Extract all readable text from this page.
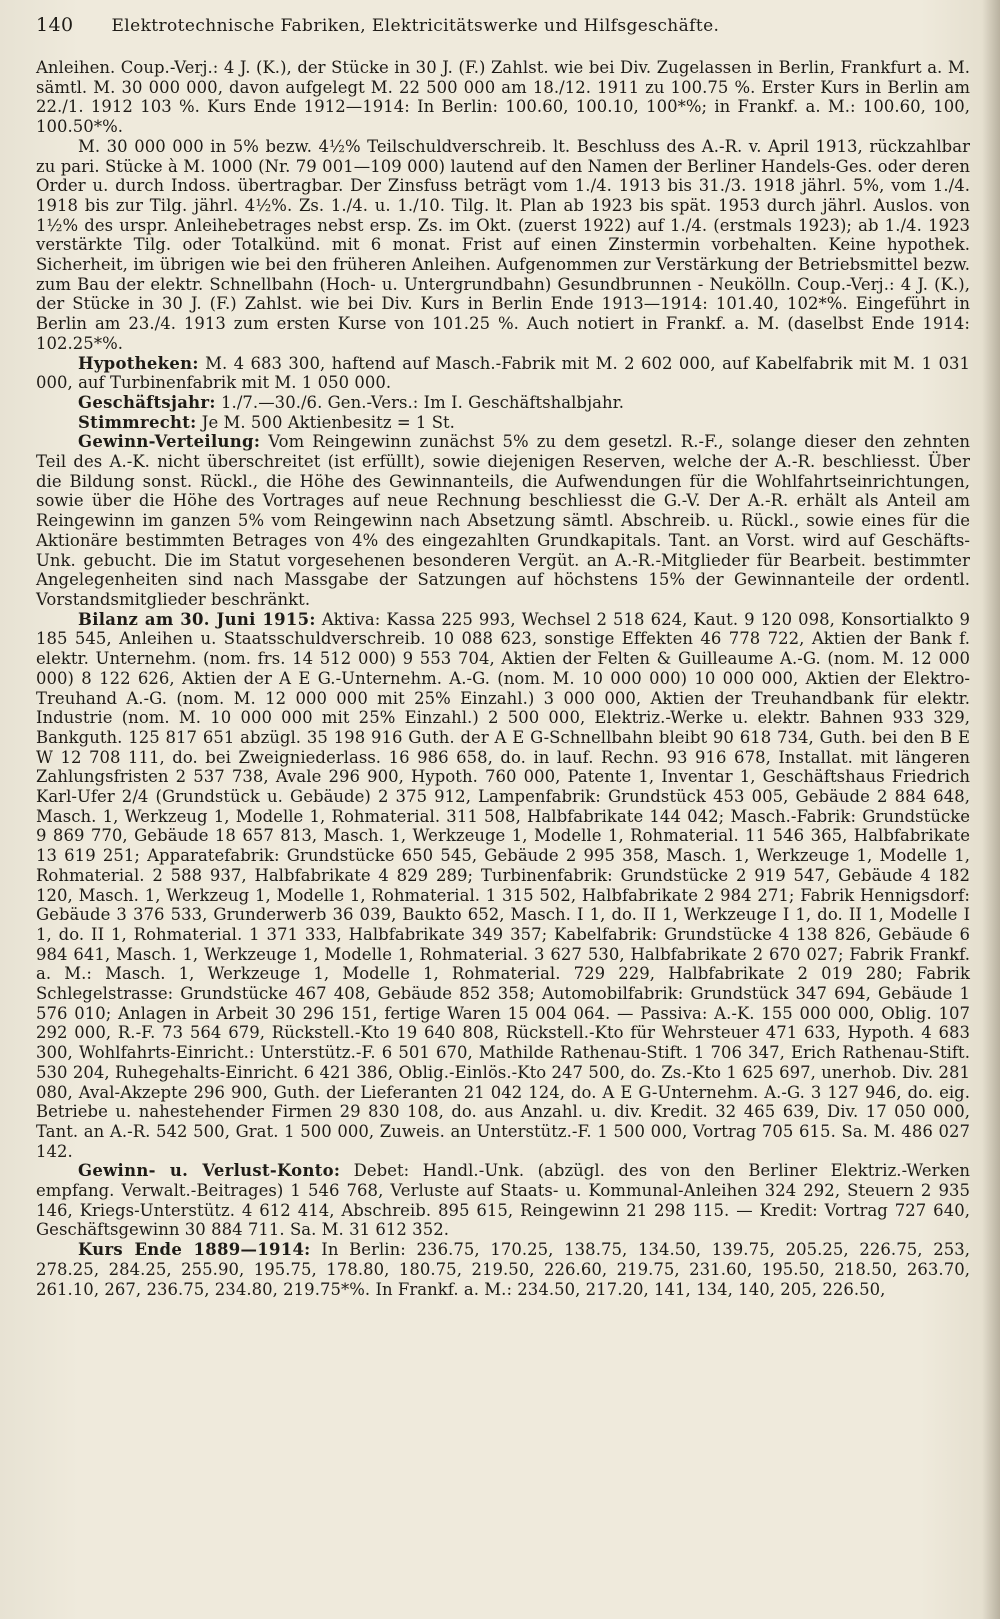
140 Elektrotechnische Fabriken, Elektricitätswerke und Hilfsgeschäfte.

Anleihen. Coup.-Verj.: 4 J. (K.), der Stücke in 30 J. (F.) Zahlst. wie bei Div. Zugelassen in Berlin, Frankfurt a. M. sämtl. M. 30 000 000, davon aufgelegt M. 22 500 000 am 18./12. 1911 zu 100.75 %. Erster Kurs in Berlin am 22./1. 1912 103 %. Kurs Ende 1912—1914: In Berlin: 100.60, 100.10, 100*%; in Frankf. a. M.: 100.60, 100, 100.50*%.

M. 30 000 000 in 5% bezw. 4½% Teilschuldverschreib. lt. Beschluss des A.-R. v. April 1913, rückzahlbar zu pari. Stücke à M. 1000 (Nr. 79 001—109 000) lautend auf den Namen der Berliner Handels-Ges. oder deren Order u. durch Indoss. übertragbar. Der Zinsfuss beträgt vom 1./4. 1913 bis 31./3. 1918 jährl. 5%, vom 1./4. 1918 bis zur Tilg. jährl. 4½%. Zs. 1./4. u. 1./10. Tilg. lt. Plan ab 1923 bis spät. 1953 durch jährl. Auslos. von 1½% des urspr. Anleihebetrages nebst ersp. Zs. im Okt. (zuerst 1922) auf 1./4. (erstmals 1923); ab 1./4. 1923 verstärkte Tilg. oder Totalkünd. mit 6 monat. Frist auf einen Zinstermin vorbehalten. Keine hypothek. Sicherheit, im übrigen wie bei den früheren Anleihen. Aufgenommen zur Verstärkung der Betriebsmittel bezw. zum Bau der elektr. Schnellbahn (Hoch- u. Untergrundbahn) Gesundbrunnen - Neukölln. Coup.-Verj.: 4 J. (K.), der Stücke in 30 J. (F.) Zahlst. wie bei Div. Kurs in Berlin Ende 1913—1914: 101.40, 102*%. Eingeführt in Berlin am 23./4. 1913 zum ersten Kurse von 101.25 %. Auch notiert in Frankf. a. M. (daselbst Ende 1914: 102.25*%.

Hypotheken: M. 4 683 300, haftend auf Masch.-Fabrik mit M. 2 602 000, auf Kabelfabrik mit M. 1 031 000, auf Turbinenfabrik mit M. 1 050 000.

Geschäftsjahr: 1./7.—30./6. Gen.-Vers.: Im I. Geschäftshalbjahr.

Stimmrecht: Je M. 500 Aktienbesitz = 1 St.

Gewinn-Verteilung: Vom Reingewinn zunächst 5% zu dem gesetzl. R.-F., solange dieser den zehnten Teil des A.-K. nicht überschreitet (ist erfüllt), sowie diejenigen Reserven, welche der A.-R. beschliesst. Über die Bildung sonst. Rückl., die Höhe des Gewinnanteils, die Aufwendungen für die Wohlfahrtseinrichtungen, sowie über die Höhe des Vortrages auf neue Rechnung beschliesst die G.-V. Der A.-R. erhält als Anteil am Reingewinn im ganzen 5% vom Reingewinn nach Absetzung sämtl. Abschreib. u. Rückl., sowie eines für die Aktionäre bestimmten Betrages von 4% des eingezahlten Grundkapitals. Tant. an Vorst. wird auf Geschäfts-Unk. gebucht. Die im Statut vorgesehenen besonderen Vergüt. an A.-R.-Mitglieder für Bearbeit. bestimmter Angelegenheiten sind nach Massgabe der Satzungen auf höchstens 15% der Gewinnanteile der ordentl. Vorstandsmitglieder beschränkt.

Bilanz am 30. Juni 1915: Aktiva: Kassa 225 993, Wechsel 2 518 624, Kaut. 9 120 098, Konsortialkto 9 185 545, Anleihen u. Staatsschuldverschreib. 10 088 623, sonstige Effekten 46 778 722, Aktien der Bank f. elektr. Unternehm. (nom. frs. 14 512 000) 9 553 704, Aktien der Felten & Guilleaume A.-G. (nom. M. 12 000 000) 8 122 626, Aktien der A E G.-Unternehm. A.-G. (nom. M. 10 000 000) 10 000 000, Aktien der Elektro-Treuhand A.-G. (nom. M. 12 000 000 mit 25% Einzahl.) 3 000 000, Aktien der Treuhandbank für elektr. Industrie (nom. M. 10 000 000 mit 25% Einzahl.) 2 500 000, Elektriz.-Werke u. elektr. Bahnen 933 329, Bankguth. 125 817 651 abzügl. 35 198 916 Guth. der A E G-Schnellbahn bleibt 90 618 734, Guth. bei den B E W 12 708 111, do. bei Zweigniederlass. 16 986 658, do. in lauf. Rechn. 93 916 678, Installat. mit längeren Zahlungsfristen 2 537 738, Avale 296 900, Hypoth. 760 000, Patente 1, Inventar 1, Geschäftshaus Friedrich Karl-Ufer 2/4 (Grundstück u. Gebäude) 2 375 912, Lampenfabrik: Grundstück 453 005, Gebäude 2 884 648, Masch. 1, Werkzeug 1, Modelle 1, Rohmaterial. 311 508, Halbfabrikate 144 042; Masch.-Fabrik: Grundstücke 9 869 770, Gebäude 18 657 813, Masch. 1, Werkzeuge 1, Modelle 1, Rohmaterial. 11 546 365, Halbfabrikate 13 619 251; Apparatefabrik: Grundstücke 650 545, Gebäude 2 995 358, Masch. 1, Werkzeuge 1, Modelle 1, Rohmaterial. 2 588 937, Halbfabrikate 4 829 289; Turbinenfabrik: Grundstücke 2 919 547, Gebäude 4 182 120, Masch. 1, Werkzeug 1, Modelle 1, Rohmaterial. 1 315 502, Halbfabrikate 2 984 271; Fabrik Hennigsdorf: Gebäude 3 376 533, Grunderwerb 36 039, Baukto 652, Masch. I 1, do. II 1, Werkzeuge I 1, do. II 1, Modelle I 1, do. II 1, Rohmaterial. 1 371 333, Halbfabrikate 349 357; Kabelfabrik: Grundstücke 4 138 826, Gebäude 6 984 641, Masch. 1, Werkzeuge 1, Modelle 1, Rohmaterial. 3 627 530, Halbfabrikate 2 670 027; Fabrik Frankf. a. M.: Masch. 1, Werkzeuge 1, Modelle 1, Rohmaterial. 729 229, Halbfabrikate 2 019 280; Fabrik Schlegelstrasse: Grundstücke 467 408, Gebäude 852 358; Automobilfabrik: Grundstück 347 694, Gebäude 1 576 010; Anlagen in Arbeit 30 296 151, fertige Waren 15 004 064. — Passiva: A.-K. 155 000 000, Oblig. 107 292 000, R.-F. 73 564 679, Rückstell.-Kto 19 640 808, Rückstell.-Kto für Wehrsteuer 471 633, Hypoth. 4 683 300, Wohlfahrts-Einricht.: Unterstütz.-F. 6 501 670, Mathilde Rathenau-Stift. 1 706 347, Erich Rathenau-Stift. 530 204, Ruhegehalts-Einricht. 6 421 386, Oblig.-Einlös.-Kto 247 500, do. Zs.-Kto 1 625 697, unerhob. Div. 281 080, Aval-Akzepte 296 900, Guth. der Lieferanten 21 042 124, do. A E G-Unternehm. A.-G. 3 127 946, do. eig. Betriebe u. nahestehender Firmen 29 830 108, do. aus Anzahl. u. div. Kredit. 32 465 639, Div. 17 050 000, Tant. an A.-R. 542 500, Grat. 1 500 000, Zuweis. an Unterstütz.-F. 1 500 000, Vortrag 705 615. Sa. M. 486 027 142.

Gewinn- u. Verlust-Konto: Debet: Handl.-Unk. (abzügl. des von den Berliner Elektriz.-Werken empfang. Verwalt.-Beitrages) 1 546 768, Verluste auf Staats- u. Kommunal-Anleihen 324 292, Steuern 2 935 146, Kriegs-Unterstütz. 4 612 414, Abschreib. 895 615, Reingewinn 21 298 115. — Kredit: Vortrag 727 640, Geschäftsgewinn 30 884 711. Sa. M. 31 612 352.

Kurs Ende 1889—1914: In Berlin: 236.75, 170.25, 138.75, 134.50, 139.75, 205.25, 226.75, 253, 278.25, 284.25, 255.90, 195.75, 178.80, 180.75, 219.50, 226.60, 219.75, 231.60, 195.50, 218.50, 263.70, 261.10, 267, 236.75, 234.80, 219.75*%. In Frankf. a. M.: 234.50, 217.20, 141, 134, 140, 205, 226.50,
